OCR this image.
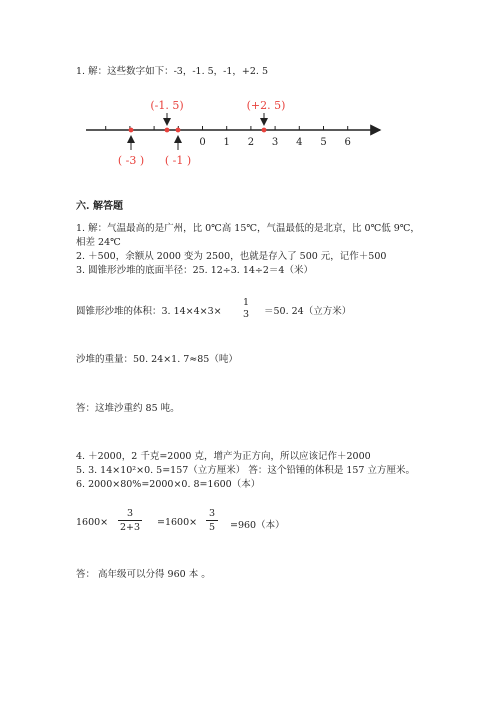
1. 解：这些数字如下：-3，-1. 5，-1，+2. 5
0 1 2 3 4 5 6
(-1. 5)	(+2. 5)
( -3 ) ( -1 )
六. 解答题
1. 解：气温最高的是广州，比 0℃高 15℃，气温最低的是北京，比 0℃低 9℃，
相差 24℃
2. ＋500，余额从 2000 变为 2500，也就是存入了 500 元，记作＋500
3. 圆锥形沙堆的底面半径：25. 12÷3. 14÷2＝4（米）
圆锥形沙堆的体积：3. 14×4×3×
1
3	＝50. 24（立方米）
沙堆的重量：50. 24×1. 7≈85（吨）
答：这堆沙重约 85 吨。
4. ＋2000，2 千克=2000 克，增产为正方向，所以应该记作＋2000
5. 3. 14×10²×0. 5=157（立方厘米） 答：这个铅锤的体积是 157 立方厘米。
6. 2000×80%=2000×0. 8=1600（本）
1600×
3
2+3 =1600×
3
5	=960（本）
答： 高年级可以分得 960 本 。
